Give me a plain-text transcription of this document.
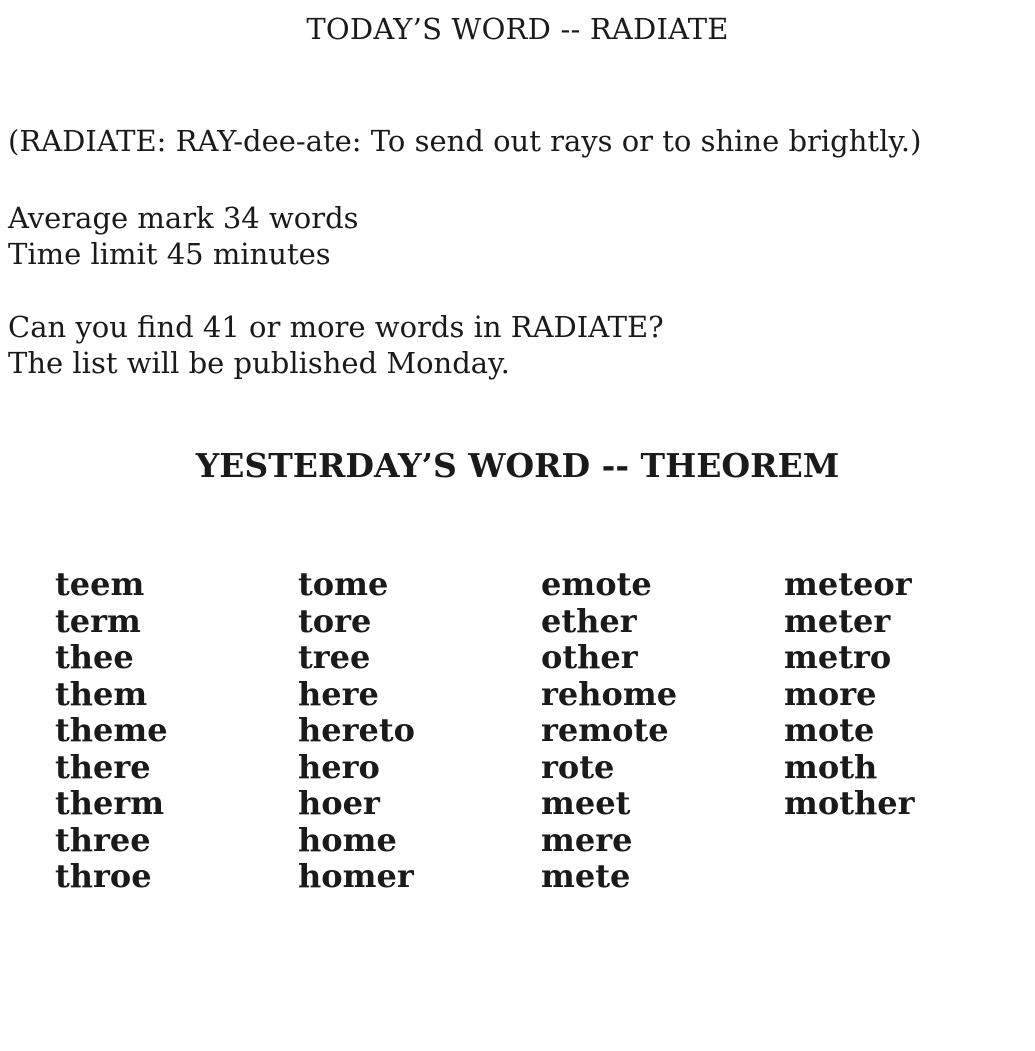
TODAY’S WORD -- RADIATE
(RADIATE: RAY-dee-ate: To send out rays or to shine brightly.)
Average mark 34 words
Time limit 45 minutes
Can you find 41 or more words in RADIATE?
The list will be published Monday.
YESTERDAY’S WORD -- THEOREM
teem
term
thee
them
theme
there
therm
three
throe
tome
tore
tree
here
hereto
hero
hoer
home
homer
emote
ether
other
rehome
remote
rote
meet
mere
mete
meteor
meter
metro
more
mote
moth
mother
